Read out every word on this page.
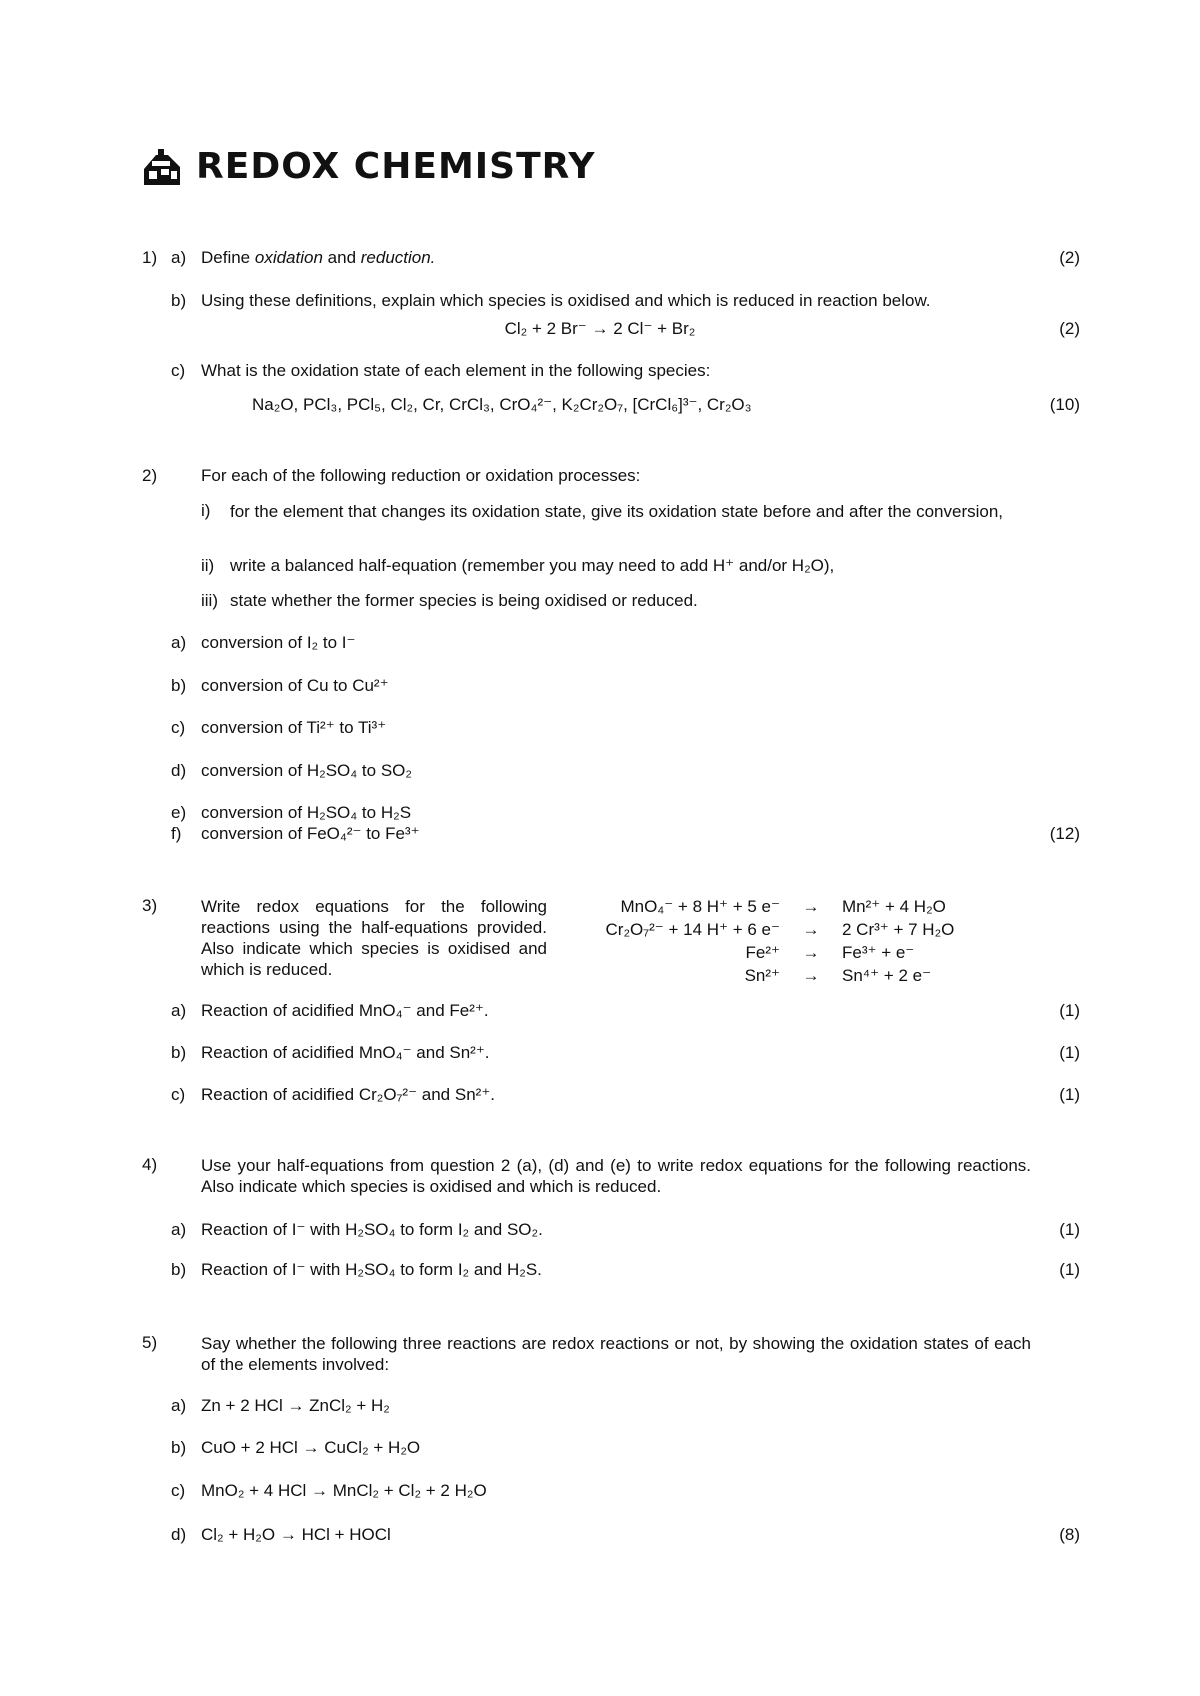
REDOX CHEMISTRY
1) a) Define oxidation and reduction.	(2)
b) Using these definitions, explain which species is oxidised and which is reduced in reaction below.
Cl₂ + 2 Br⁻ → 2 Cl⁻ + Br₂	(2)
c) What is the oxidation state of each element in the following species:
Na₂O, PCl₃, PCl₅, Cl₂, Cr, CrCl₃, CrO₄²⁻, K₂Cr₂O₇, [CrCl₆]³⁻, Cr₂O₃	(10)
2)	For each of the following reduction or oxidation processes:
i) for the element that changes its oxidation state, give its oxidation state before and after the conversion,
ii) write a balanced half-equation (remember you may need to add H⁺ and/or H₂O),
iii) state whether the former species is being oxidised or reduced.
a) conversion of I₂ to I⁻
b) conversion of Cu to Cu²⁺
c) conversion of Ti²⁺ to Ti³⁺
d) conversion of H₂SO₄ to SO₂
e) conversion of H₂SO₄ to H₂S
f) conversion of FeO₄²⁻ to Fe³⁺	(12)
3)	Write redox equations for the following reactions using the half-equations provided. Also indicate which species is oxidised and which is reduced.
MnO₄⁻ + 8 H⁺ + 5 e⁻ → Mn²⁺ + 4 H₂O
Cr₂O₇²⁻ + 14 H⁺ + 6 e⁻ → 2 Cr³⁺ + 7 H₂O
Fe²⁺ → Fe³⁺ + e⁻
Sn²⁺ → Sn⁴⁺ + 2 e⁻
a) Reaction of acidified MnO₄⁻ and Fe²⁺.	(1)
b) Reaction of acidified MnO₄⁻ and Sn²⁺.	(1)
c) Reaction of acidified Cr₂O₇²⁻ and Sn²⁺.	(1)
4)	Use your half-equations from question 2 (a), (d) and (e) to write redox equations for the following reactions. Also indicate which species is oxidised and which is reduced.
a) Reaction of I⁻ with H₂SO₄ to form I₂ and SO₂.	(1)
b) Reaction of I⁻ with H₂SO₄ to form I₂ and H₂S.	(1)
5)	Say whether the following three reactions are redox reactions or not, by showing the oxidation states of each of the elements involved:
a) Zn + 2 HCl → ZnCl₂ + H₂
b) CuO + 2 HCl → CuCl₂ + H₂O
c) MnO₂ + 4 HCl → MnCl₂ + Cl₂ + 2 H₂O
d) Cl₂ + H₂O → HCl + HOCl	(8)
